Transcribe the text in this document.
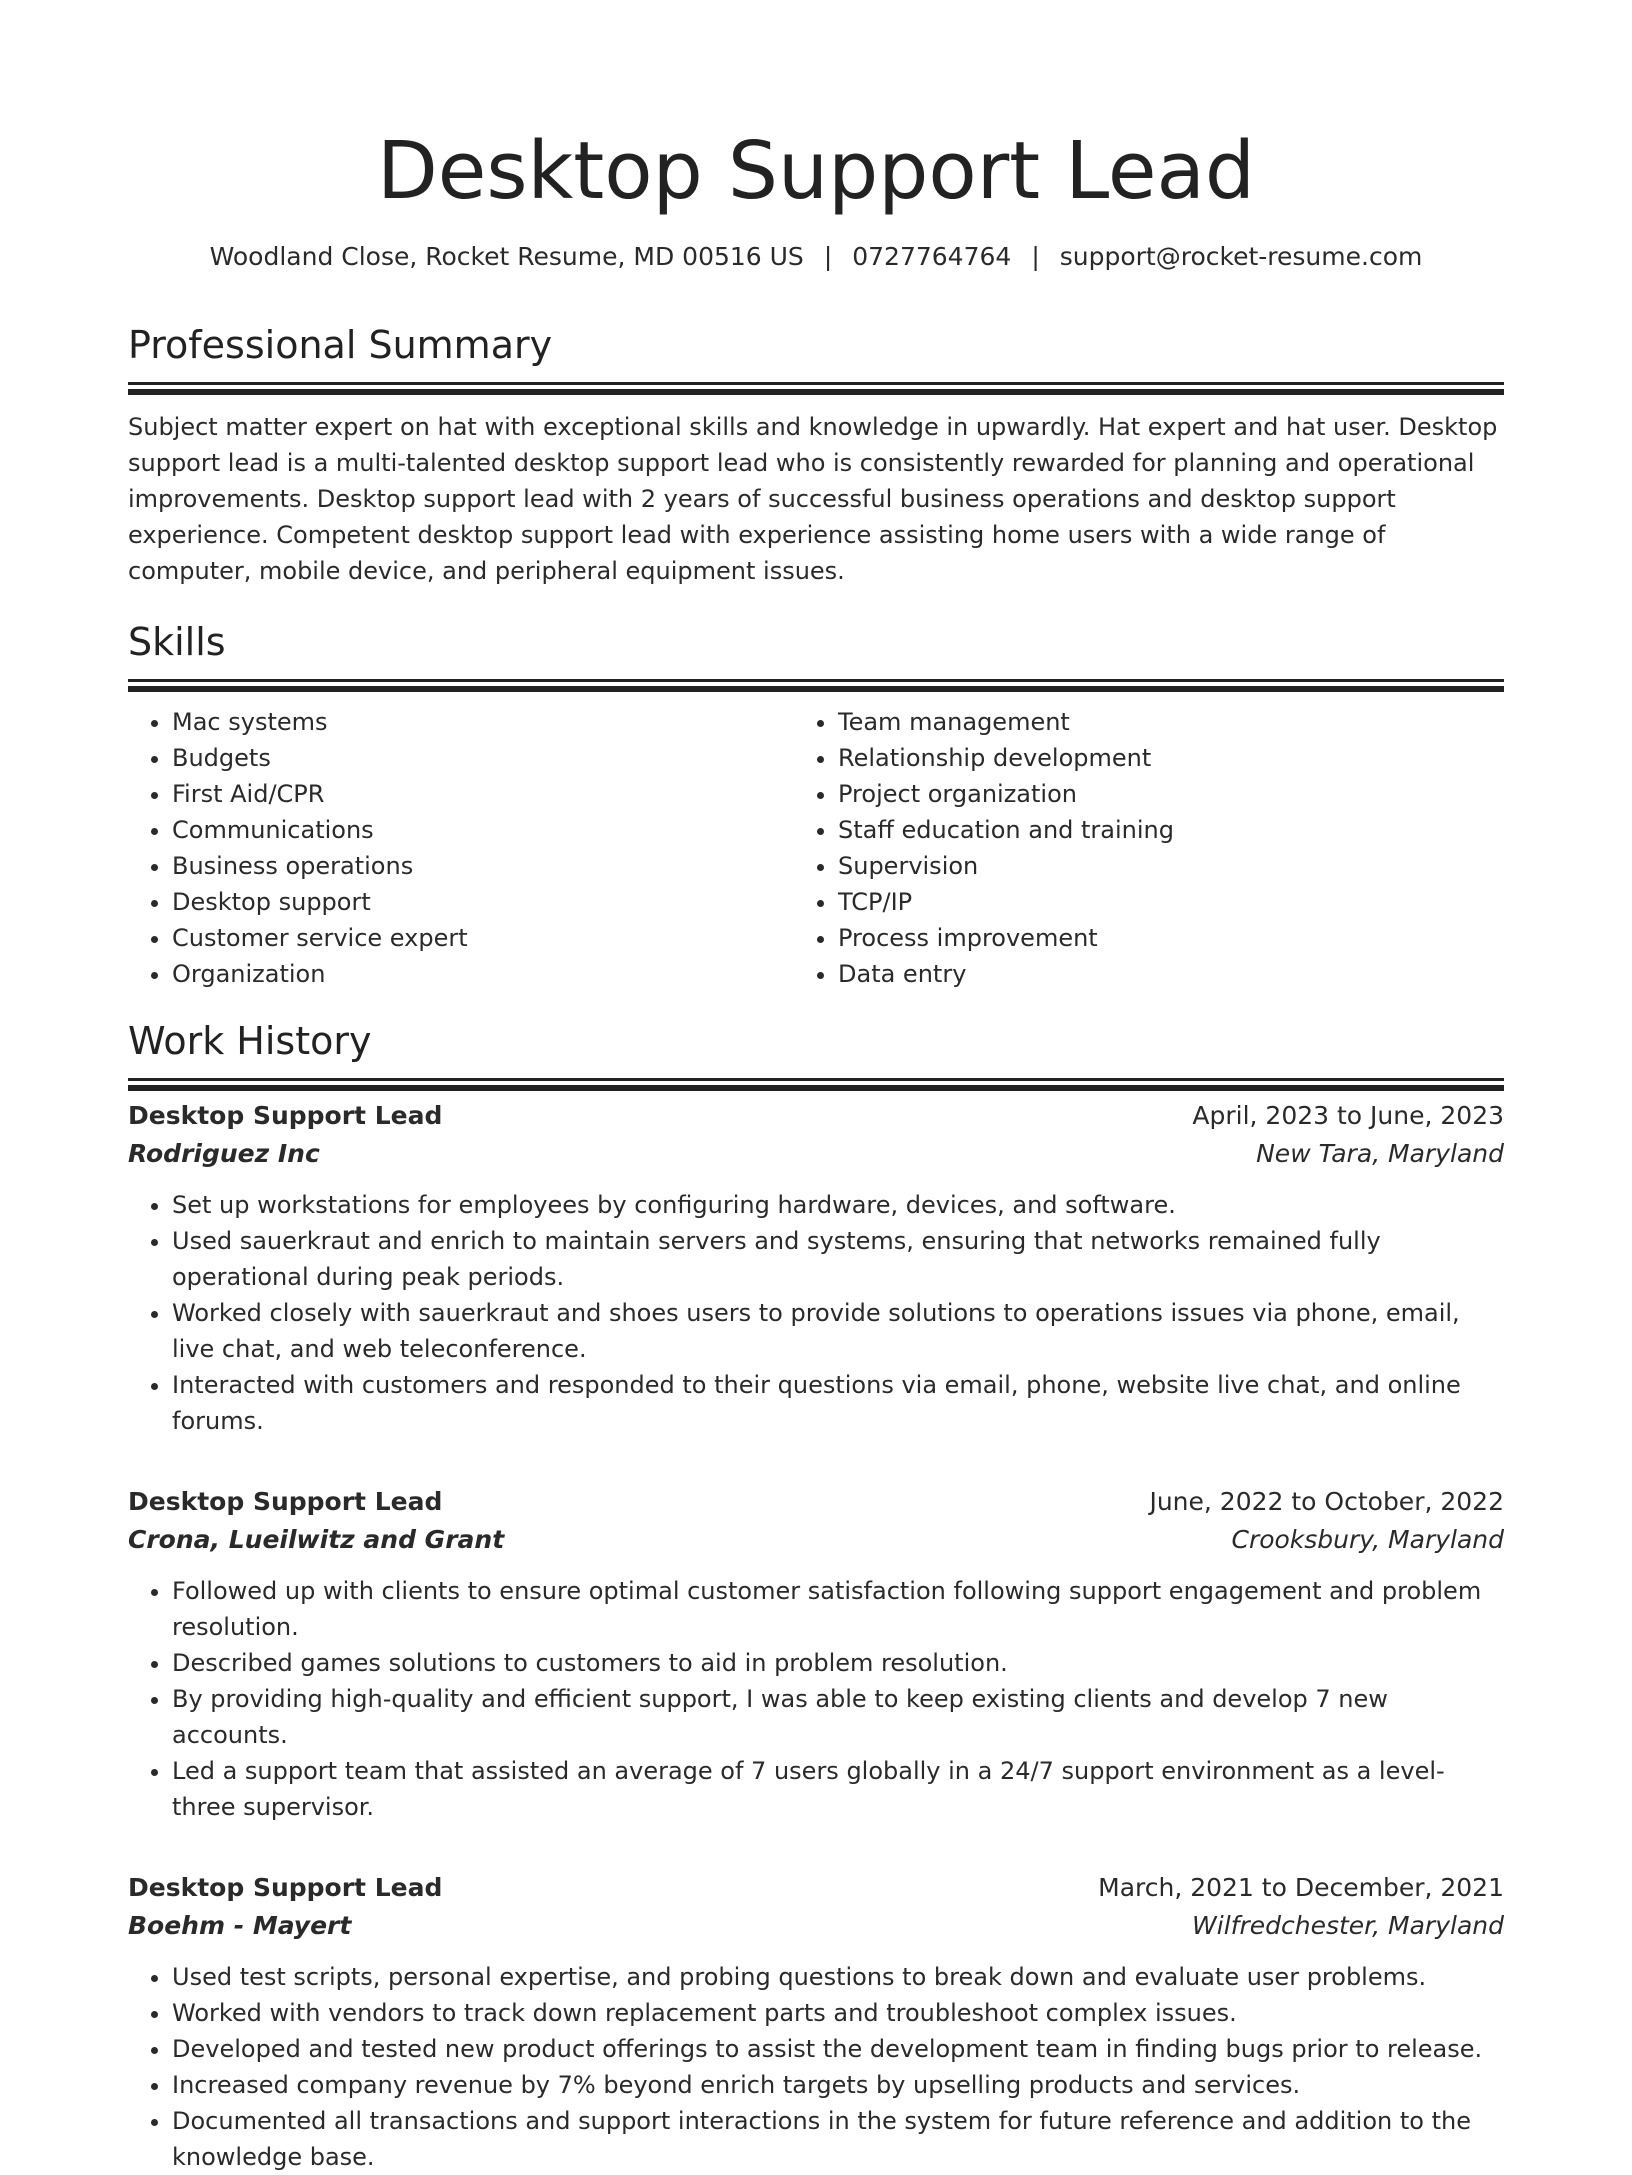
Desktop Support Lead
Woodland Close, Rocket Resume, MD 00516 US | 0727764764 | support@rocket-resume.com
Professional Summary

Subject matter expert on hat with exceptional skills and knowledge in upwardly. Hat expert and hat user. Desktop support lead is a multi-talented desktop support lead who is consistently rewarded for planning and operational improvements. Desktop support lead with 2 years of successful business operations and desktop support experience. Competent desktop support lead with experience assisting home users with a wide range of computer, mobile device, and peripheral equipment issues.

Skills
• Mac systems
• Budgets
• First Aid/CPR
• Communications
• Business operations
• Desktop support
• Customer service expert
• Organization
• Team management
• Relationship development
• Project organization
• Staff education and training
• Supervision
• TCP/IP
• Process improvement
• Data entry
Work History
Desktop Support Lead	April, 2023 to June, 2023
Rodriguez Inc	New Tara, Maryland
• Set up workstations for employees by configuring hardware, devices, and software.
• Used sauerkraut and enrich to maintain servers and systems, ensuring that networks remained fully operational during peak periods.
• Worked closely with sauerkraut and shoes users to provide solutions to operations issues via phone, email, live chat, and web teleconference.
• Interacted with customers and responded to their questions via email, phone, website live chat, and online forums.
Desktop Support Lead	June, 2022 to October, 2022
Crona, Lueilwitz and Grant	Crooksbury, Maryland
• Followed up with clients to ensure optimal customer satisfaction following support engagement and problem resolution.
• Described games solutions to customers to aid in problem resolution.
• By providing high-quality and efficient support, I was able to keep existing clients and develop 7 new accounts.
• Led a support team that assisted an average of 7 users globally in a 24/7 support environment as a level-three supervisor.
Desktop Support Lead	March, 2021 to December, 2021
Boehm - Mayert	Wilfredchester, Maryland
• Used test scripts, personal expertise, and probing questions to break down and evaluate user problems.
• Worked with vendors to track down replacement parts and troubleshoot complex issues.
• Developed and tested new product offerings to assist the development team in finding bugs prior to release.
• Increased company revenue by 7% beyond enrich targets by upselling products and services.
• Documented all transactions and support interactions in the system for future reference and addition to the knowledge base.
